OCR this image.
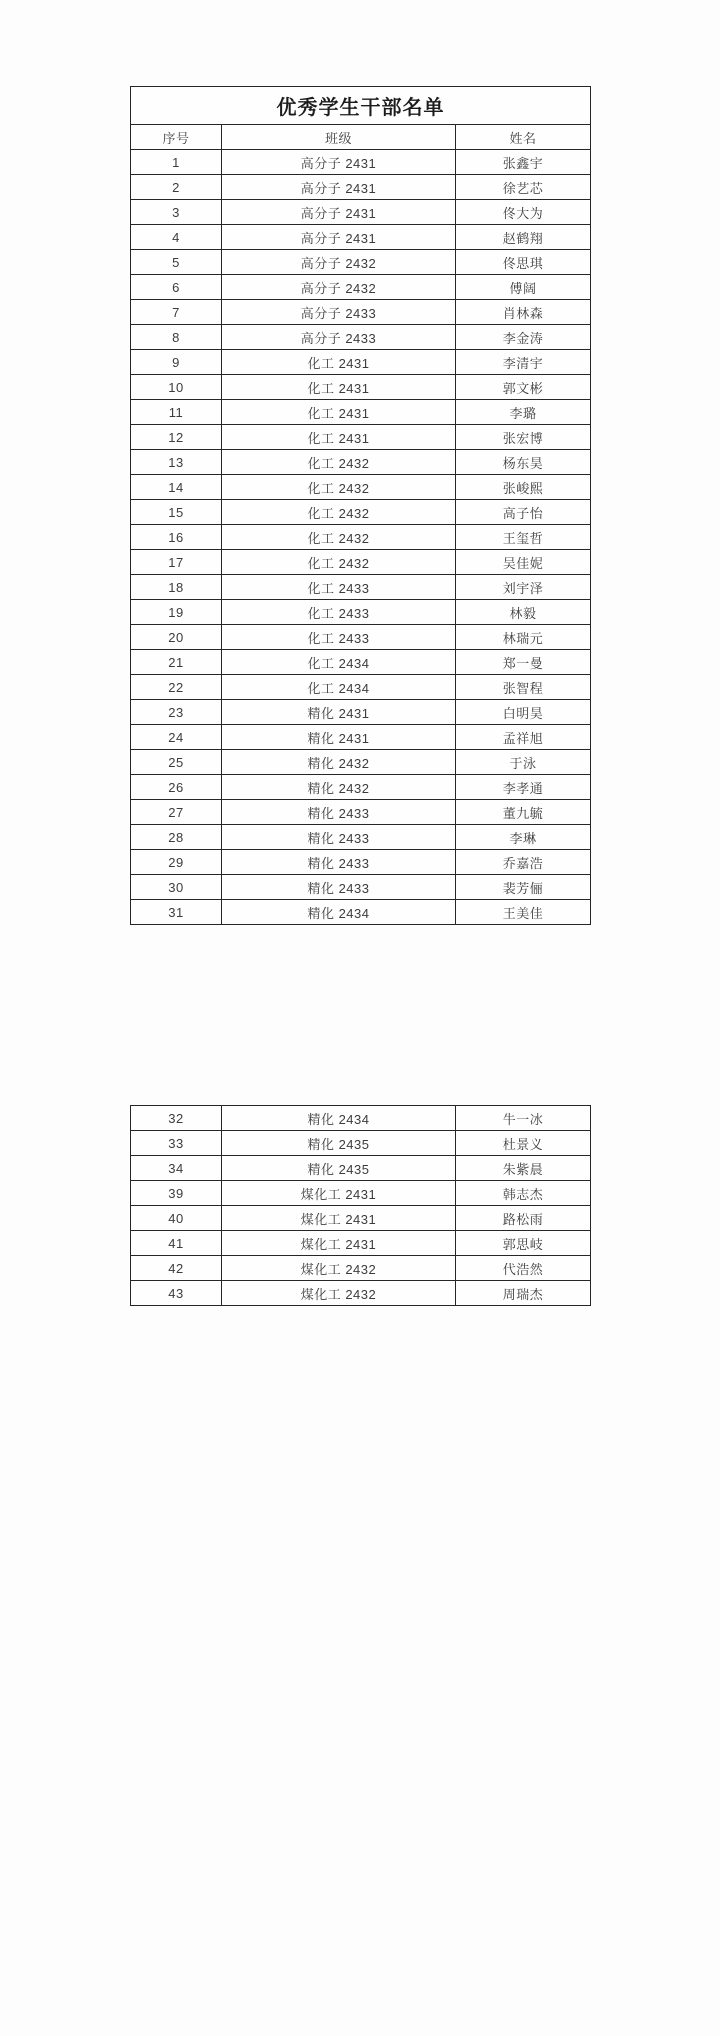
优秀学生干部名单		
序号	班级	姓名
1	高分子 2431	张鑫宇
2	高分子 2431	徐艺芯
3	高分子 2431	佟大为
4	高分子 2431	赵鹤翔
5	高分子 2432	佟思琪
6	高分子 2432	傅阔
7	高分子 2433	肖林森
8	高分子 2433	李金涛
9	化工 2431	李清宇
10	化工 2431	郭文彬
11	化工 2431	李璐
12	化工 2431	张宏博
13	化工 2432	杨东昊
14	化工 2432	张峻熙
15	化工 2432	高子怡
16	化工 2432	王玺哲
17	化工 2432	吴佳妮
18	化工 2433	刘宇泽
19	化工 2433	林毅
20	化工 2433	林瑞元
21	化工 2434	郑一曼
22	化工 2434	张智程
23	精化 2431	白明昊
24	精化 2431	孟祥旭
25	精化 2432	于泳
26	精化 2432	李孝通
27	精化 2433	董九毓
28	精化 2433	李琳
29	精化 2433	乔嘉浩
30	精化 2433	裴芳俪
31	精化 2434	王美佳
32	精化 2434	牛一冰
33	精化 2435	杜景义
34	精化 2435	朱紫晨
39	煤化工 2431	韩志杰
40	煤化工 2431	路松雨
41	煤化工 2431	郭思岐
42	煤化工 2432	代浩然
43	煤化工 2432	周瑞杰
